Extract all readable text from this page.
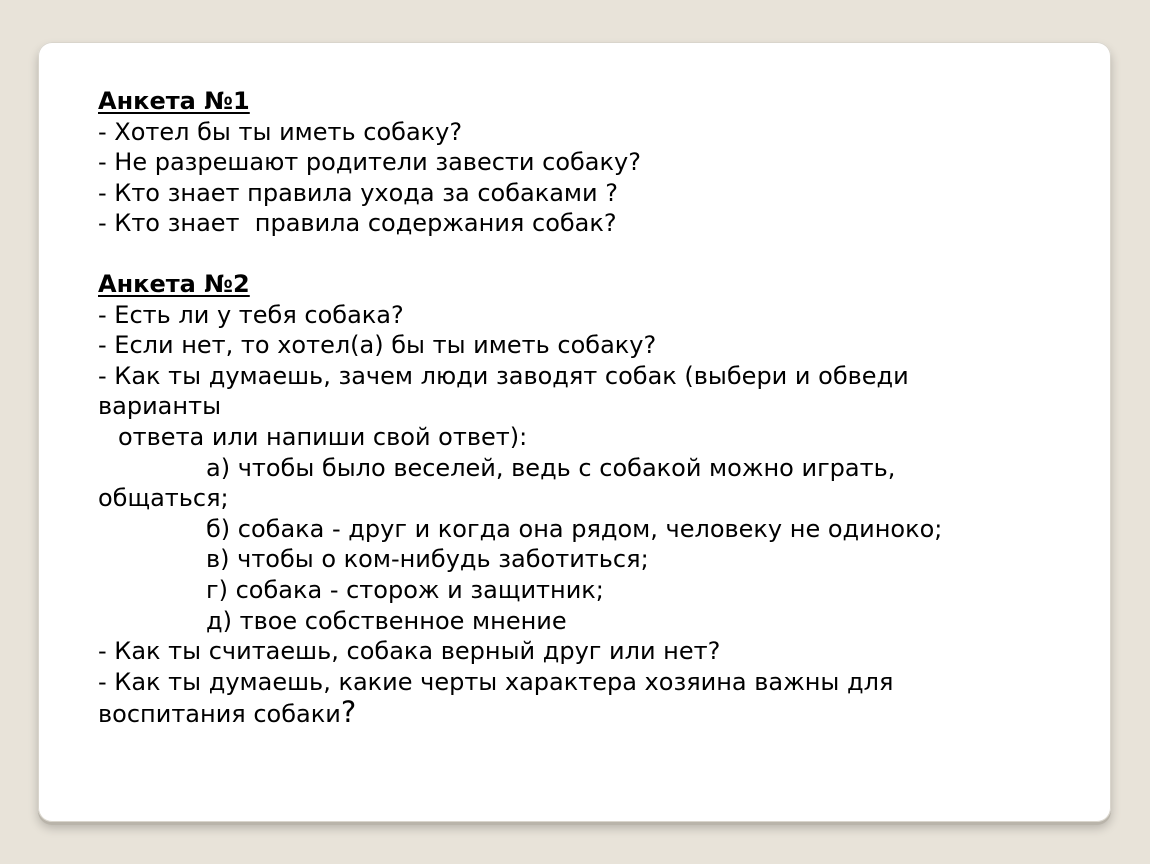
Анкета №1

- Хотел бы ты иметь собаку?

- Не разрешают родители завести собаку?

- Кто знает правила ухода за собаками ?

- Кто знает  правила содержания собак?

Анкета №2

- Есть ли у тебя собака?

- Если нет, то хотел(а) бы ты иметь собаку?

- Как ты думаешь, зачем люди заводят собак (выбери и обведи

варианты

ответа или напиши свой ответ):

а) чтобы было веселей, ведь с собакой можно играть,

общаться;

б) собака - друг и когда она рядом, человеку не одиноко;

в) чтобы о ком-нибудь заботиться;

г) собака - сторож и защитник;

д) твое собственное мнение

- Как ты считаешь, собака верный друг или нет?

- Как ты думаешь, какие черты характера хозяина важны для

воспитания собаки?
